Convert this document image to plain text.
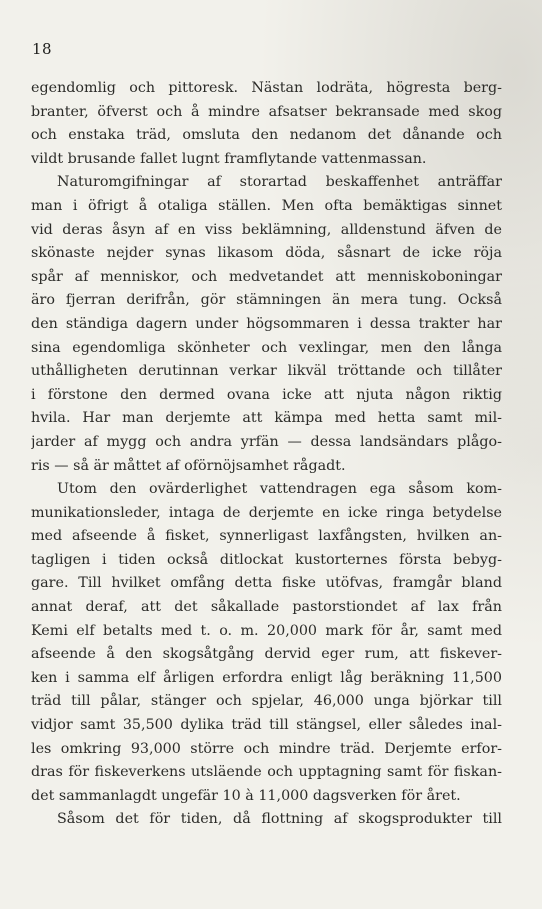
18
egendomlig och pittoresk. Nästan lodräta, högresta berg-
branter, öfverst och å mindre afsatser bekransade med skog
och enstaka träd, omsluta den nedanom det dånande och
vildt brusande fallet lugnt framflytande vattenmassan.
Naturomgifningar af storartad beskaffenhet anträffar
man i öfrigt å otaliga ställen. Men ofta bemäktigas sinnet
vid deras åsyn af en viss beklämning, alldenstund äfven de
skönaste nejder synas likasom döda, såsnart de icke röja
spår af menniskor, och medvetandet att menniskoboningar
äro fjerran derifrån, gör stämningen än mera tung. Också
den ständiga dagern under högsommaren i dessa trakter har
sina egendomliga skönheter och vexlingar, men den långa
uthålligheten derutinnan verkar likväl tröttande och tillåter
i förstone den dermed ovana icke att njuta någon riktig
hvila. Har man derjemte att kämpa med hetta samt mil-
jarder af mygg och andra yrfän — dessa landsändars plågo-
ris — så är måttet af oförnöjsamhet rågadt.
Utom den ovärderlighet vattendragen ega såsom kom-
munikationsleder, intaga de derjemte en icke ringa betydelse
med afseende å fisket, synnerligast laxfångsten, hvilken an-
tagligen i tiden också ditlockat kustorternes första bebyg-
gare. Till hvilket omfång detta fiske utöfvas, framgår bland
annat deraf, att det såkallade pastorstiondet af lax från
Kemi elf betalts med t. o. m. 20,000 mark för år, samt med
afseende å den skogsåtgång dervid eger rum, att fiskever-
ken i samma elf årligen erfordra enligt låg beräkning 11,500
träd till pålar, stänger och spjelar, 46,000 unga björkar till
vidjor samt 35,500 dylika träd till stängsel, eller således inal-
les omkring 93,000 större och mindre träd. Derjemte erfor-
dras för fiskeverkens utsläende och upptagning samt för fiskan-
det sammanlagdt ungefär 10 à 11,000 dagsverken för året.
Såsom det för tiden, då flottning af skogsprodukter till
